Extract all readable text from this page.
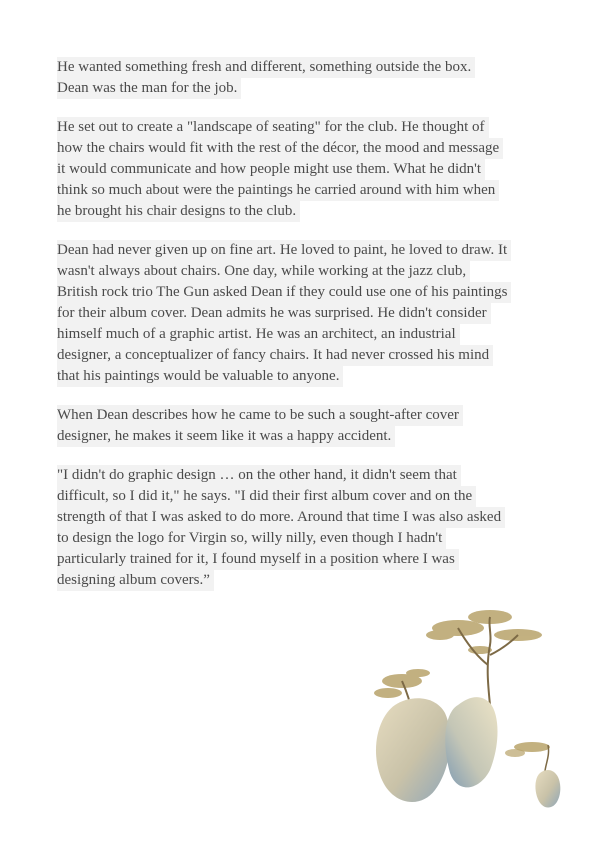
He wanted something fresh and different, something outside the box.
Dean was the man for the job.
He set out to create a "landscape of seating" for the club. He thought of
how the chairs would fit with the rest of the décor, the mood and message
it would communicate and how people might use them. What he didn't
think so much about were the paintings he carried around with him when
he brought his chair designs to the club.
Dean had never given up on fine art. He loved to paint, he loved to draw. It
wasn't always about chairs. One day, while working at the jazz club,
British rock trio The Gun asked Dean if they could use one of his paintings
for their album cover. Dean admits he was surprised. He didn't consider
himself much of a graphic artist. He was an architect, an industrial
designer, a conceptualizer of fancy chairs. It had never crossed his mind
that his paintings would be valuable to anyone.
When Dean describes how he came to be such a sought-after cover
designer, he makes it seem like it was a happy accident.
"I didn't do graphic design … on the other hand, it didn't seem that
difficult, so I did it," he says. "I did their first album cover and on the
strength of that I was asked to do more. Around that time I was also asked
to design the logo for Virgin so, willy nilly, even though I hadn't
particularly trained for it, I found myself in a position where I was
designing album covers.”
